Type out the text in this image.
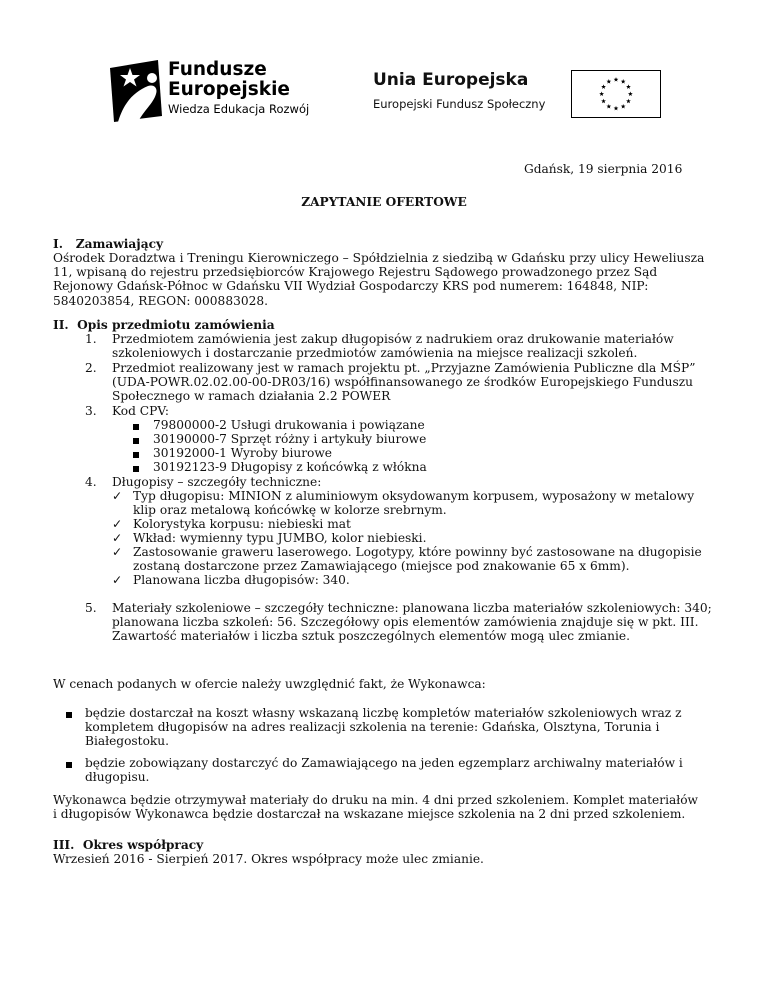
Fundusze
Europejskie
Wiedza Edukacja Rozwój
Unia Europejska
Europejski Fundusz Społeczny
Gdańsk, 19 sierpnia 2016
ZAPYTANIE OFERTOWE
I. Zamawiający
Ośrodek Doradztwa i Treningu Kierowniczego – Spółdzielnia z siedzibą w Gdańsku przy ulicy Heweliusza
11, wpisaną do rejestru przedsiębiorców Krajowego Rejestru Sądowego prowadzonego przez Sąd
Rejonowy Gdańsk-Północ w Gdańsku VII Wydział Gospodarczy KRS pod numerem: 164848, NIP:
5840203854, REGON: 000883028.
II. Opis przedmiotu zamówienia
1. Przedmiotem zamówienia jest zakup długopisów z nadrukiem oraz drukowanie materiałów
szkoleniowych i dostarczanie przedmiotów zamówienia na miejsce realizacji szkoleń.
2. Przedmiot realizowany jest w ramach projektu pt. „Przyjazne Zamówienia Publiczne dla MŚP”
(UDA-POWR.02.02.00-00-DR03/16) współfinansowanego ze środków Europejskiego Funduszu
Społecznego w ramach działania 2.2 POWER
3. Kod CPV:
79800000-2 Usługi drukowania i powiązane
30190000-7 Sprzęt różny i artykuły biurowe
30192000-1 Wyroby biurowe
30192123-9 Długopisy z końcówką z włókna
4. Długopisy – szczegóły techniczne:
✓ Typ długopisu: MINION z aluminiowym oksydowanym korpusem, wyposażony w metalowy
klip oraz metalową końcówkę w kolorze srebrnym.
✓ Kolorystyka korpusu: niebieski mat
✓ Wkład: wymienny typu JUMBO, kolor niebieski.
✓ Zastosowanie graweru laserowego. Logotypy, które powinny być zastosowane na długopisie
zostaną dostarczone przez Zamawiającego (miejsce pod znakowanie 65 x 6mm).
✓ Planowana liczba długopisów: 340.
5. Materiały szkoleniowe – szczegóły techniczne: planowana liczba materiałów szkoleniowych: 340;
planowana liczba szkoleń: 56. Szczegółowy opis elementów zamówienia znajduje się w pkt. III.
Zawartość materiałów i liczba sztuk poszczególnych elementów mogą ulec zmianie.
W cenach podanych w ofercie należy uwzględnić fakt, że Wykonawca:
będzie dostarczał na koszt własny wskazaną liczbę kompletów materiałów szkoleniowych wraz z
kompletem długopisów na adres realizacji szkolenia na terenie: Gdańska, Olsztyna, Torunia i
Białegostoku.
będzie zobowiązany dostarczyć do Zamawiającego na jeden egzemplarz archiwalny materiałów i
długopisu.
Wykonawca będzie otrzymywał materiały do druku na min. 4 dni przed szkoleniem. Komplet materiałów
i długopisów Wykonawca będzie dostarczał na wskazane miejsce szkolenia na 2 dni przed szkoleniem.
III. Okres współpracy
Wrzesień 2016 - Sierpień 2017. Okres współpracy może ulec zmianie.
